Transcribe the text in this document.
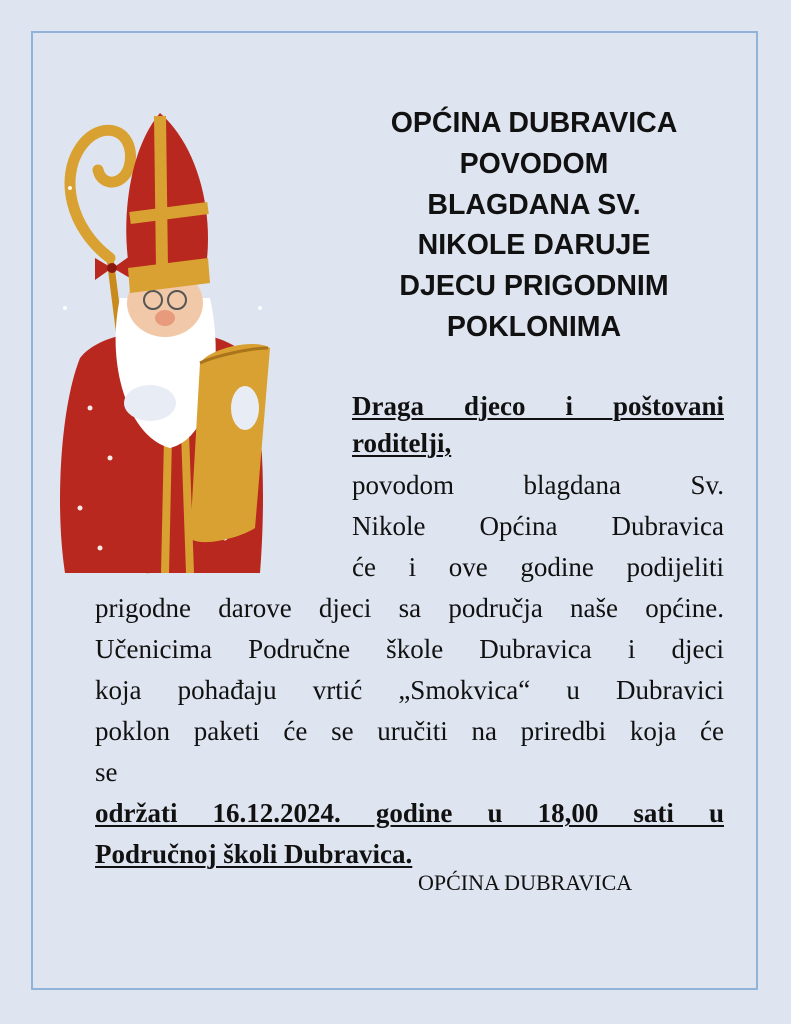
OPĆINA DUBRAVICA
POVODOM
BLAGDANA SV.
NIKOLE DARUJE
DJECU PRIGODNIM
POKLONIMA
Draga djeco i poštovani
roditelji,
povodom blagdana Sv.
Nikole Općina Dubravica
će i ove godine podijeliti
prigodne darove djeci sa područja naše općine.
Učenicima Područne škole Dubravica i djeci
koja pohađaju vrtić „Smokvica“ u Dubravici
poklon paketi će se uručiti na priredbi koja će
se
održati 16.12.2024. godine u 18,00 sati u
Područnoj školi Dubravica.
OPĆINA DUBRAVICA
